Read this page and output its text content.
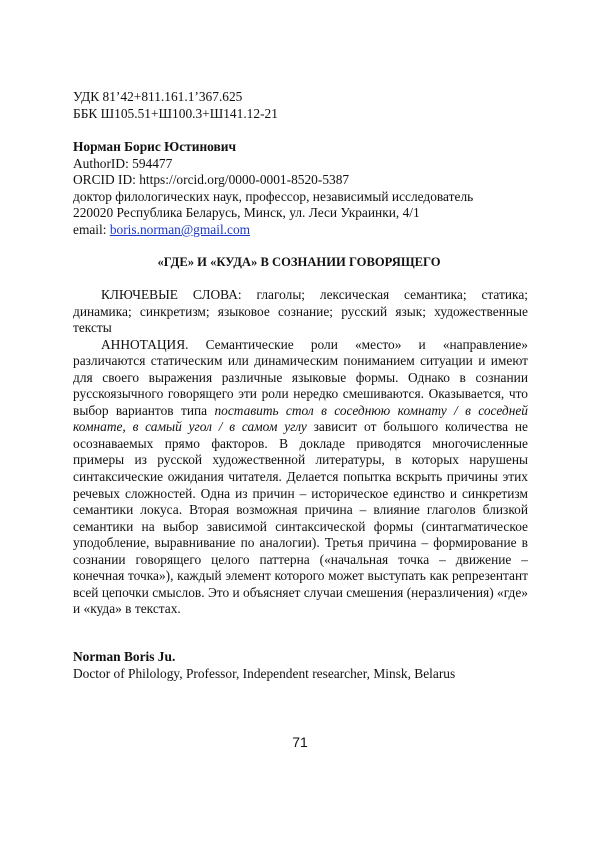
УДК 81’42+811.161.1’367.625
ББК Ш105.51+Ш100.3+Ш141.12-21
Норман Борис Юстинович
AuthorID: 594477
ORCID ID: https://orcid.org/0000-0001-8520-5387
доктор филологических наук, профессор, независимый исследователь
220020 Республика Беларусь, Минск, ул. Леси Украинки, 4/1
email: boris.norman@gmail.com
«ГДЕ» И «КУДА» В СОЗНАНИИ ГОВОРЯЩЕГО

КЛЮЧЕВЫЕ СЛОВА: глаголы; лексическая семантика; статика; динамика; синкретизм; языковое сознание; русский язык; художественные тексты

АННОТАЦИЯ. Семантические роли «место» и «направление» различаются статическим или динамическим пониманием ситуации и имеют для своего выражения различные языковые формы. Однако в сознании русскоязычного говорящего эти роли нередко смешиваются. Оказывается, что выбор вариантов типа поставить стол в соседнюю комнату / в соседней комнате, в самый угол / в самом углу зависит от большого количества не осознаваемых прямо факторов. В докладе приводятся многочисленные примеры из русской художественной литературы, в которых нарушены синтаксические ожидания читателя. Делается попытка вскрыть причины этих речевых сложностей. Одна из причин – историческое единство и синкретизм семантики локуса. Вторая возможная причина – влияние глаголов близкой семантики на выбор зависимой синтаксической формы (синтагматическое уподобление, выравнивание по аналогии). Третья причина – формирование в сознании говорящего целого паттерна («начальная точка – движение – конечная точка»), каждый элемент которого может выступать как репрезентант всей цепочки смыслов. Это и объясняет случаи смешения (неразличения) «где» и «куда» в текстах.

Norman Boris Ju.
Doctor of Philology, Professor, Independent researcher, Minsk, Belarus
71
